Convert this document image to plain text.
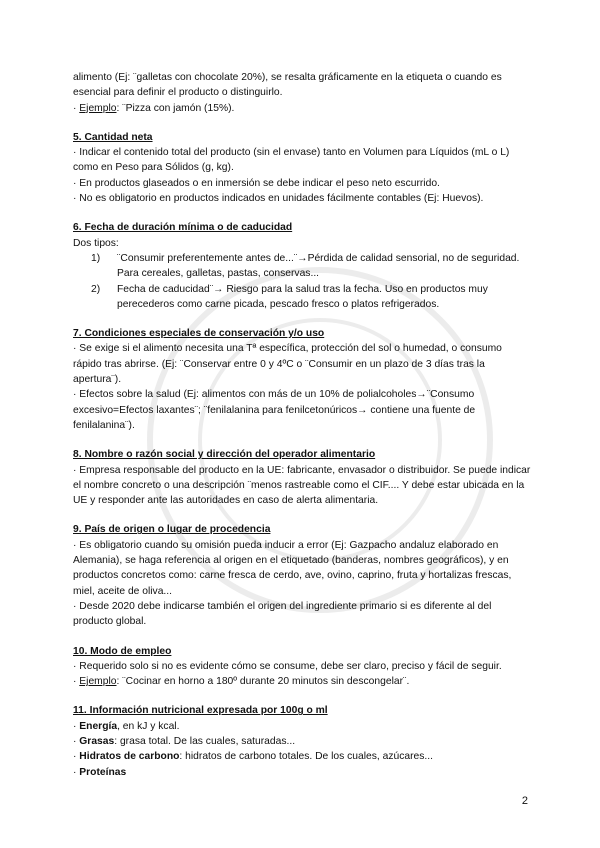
alimento (Ej: ¨galletas con chocolate 20%), se resalta gráficamente en la etiqueta o cuando es esencial para definir el producto o distinguirlo.

· Ejemplo: ¨Pizza con jamón (15%).

5. Cantidad neta

· Indicar el contenido total del producto (sin el envase) tanto en Volumen para Líquidos (mL o L) como en Peso para Sólidos (g, kg).

· En productos glaseados o en inmersión se debe indicar el peso neto escurrido.

· No es obligatorio en productos indicados en unidades fácilmente contables (Ej: Huevos).

6. Fecha de duración mínima o de caducidad

Dos tipos:

1) ¨Consumir preferentemente antes de...¨→Pérdida de calidad sensorial, no de seguridad. Para cereales, galletas, pastas, conservas...
2) Fecha de caducidad¨→ Riesgo para la salud tras la fecha. Uso en productos muy perecederos como carne picada, pescado fresco o platos refrigerados.

7. Condiciones especiales de conservación y/o uso

· Se exige si el alimento necesita una Tª específica, protección del sol o humedad, o consumo rápido tras abrirse. (Ej: ¨Conservar entre 0 y 4ºC o ¨Consumir en un plazo de 3 días tras la apertura¨).

· Efectos sobre la salud (Ej: alimentos con más de un 10% de polialcoholes→¨Consumo excesivo=Efectos laxantes¨; ¨fenilalanina para fenilcetonúricos→ contiene una fuente de fenilalanina¨).

8. Nombre o razón social y dirección del operador alimentario

· Empresa responsable del producto en la UE: fabricante, envasador o distribuidor. Se puede indicar el nombre concreto o una descripción ¨menos rastreable como el CIF.... Y debe estar ubicada en la UE y responder ante las autoridades en caso de alerta alimentaria.

9. País de origen o lugar de procedencia

· Es obligatorio cuando su omisión pueda inducir a error (Ej: Gazpacho andaluz elaborado en Alemania), se haga referencia al origen en el etiquetado (banderas, nombres geográficos), y en productos concretos como: carne fresca de cerdo, ave, ovino, caprino, fruta y hortalizas frescas, miel, aceite de oliva...

· Desde 2020 debe indicarse también el origen del ingrediente primario si es diferente al del producto global.

10. Modo de empleo

· Requerido solo si no es evidente cómo se consume, debe ser claro, preciso y fácil de seguir.

· Ejemplo: ¨Cocinar en horno a 180º durante 20 minutos sin descongelar¨.

11. Información nutricional expresada por 100g o ml

· Energía, en kJ y kcal.

· Grasas: grasa total. De las cuales, saturadas...

· Hidratos de carbono: hidratos de carbono totales. De los cuales, azúcares...

· Proteínas

2
